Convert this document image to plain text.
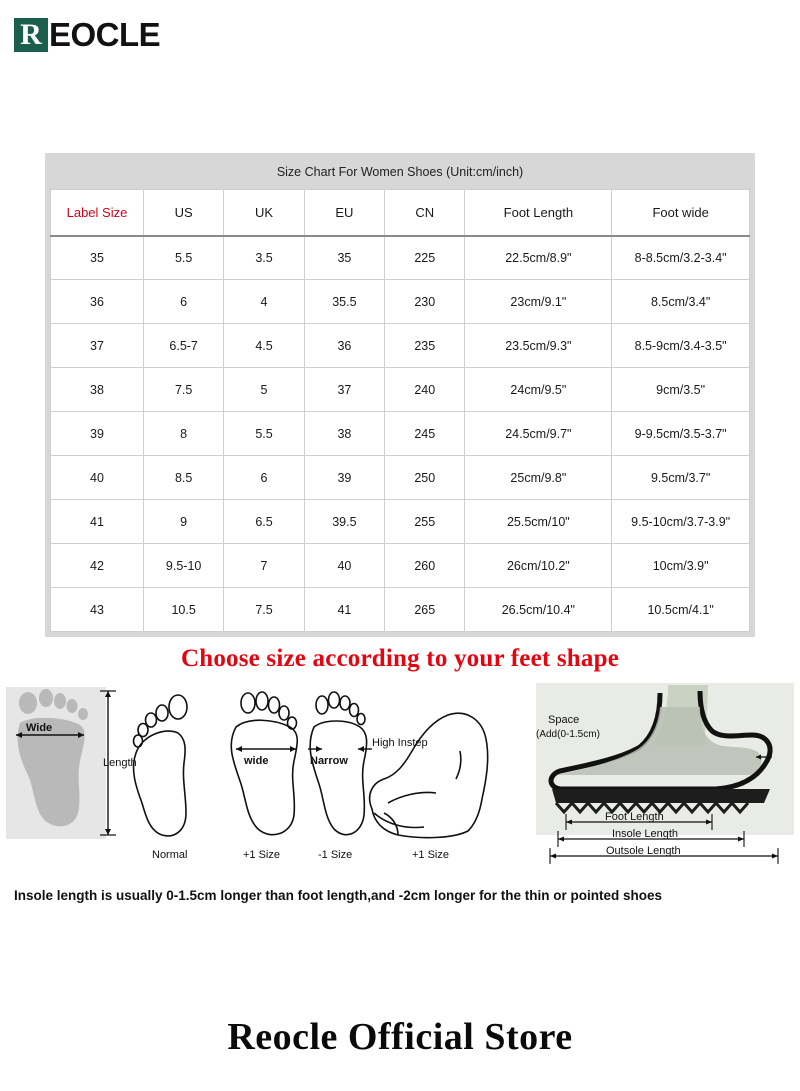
R EOCLE
Size Chart For Women Shoes (Unit:cm/inch)
Label Size	US	UK	EU	CN	Foot Length	Foot wide
35	5.5	3.5	35	225	22.5cm/8.9"	8-8.5cm/3.2-3.4"
36	6	4	35.5	230	23cm/9.1"	8.5cm/3.4"
37	6.5-7	4.5	36	235	23.5cm/9.3"	8.5-9cm/3.4-3.5"
38	7.5	5	37	240	24cm/9.5"	9cm/3.5"
39	8	5.5	38	245	24.5cm/9.7"	9-9.5cm/3.5-3.7"
40	8.5	6	39	250	25cm/9.8"	9.5cm/3.7"
41	9	6.5	39.5	255	25.5cm/10"	9.5-10cm/3.7-3.9"
42	9.5-10	7	40	260	26cm/10.2"	10cm/3.9"
43	10.5	7.5	41	265	26.5cm/10.4"	10.5cm/4.1"
Choose size according to your feet shape
Wide
Length
Normal
wide
+1 Size
Narrow
-1 Size
High Instep
+1 Size
Space
(Add(0-1.5cm)
Foot Length
Insole Length
Outsole Length
Insole length is usually 0-1.5cm longer than foot length,and -2cm longer for the thin or pointed shoes
Reocle Official Store
